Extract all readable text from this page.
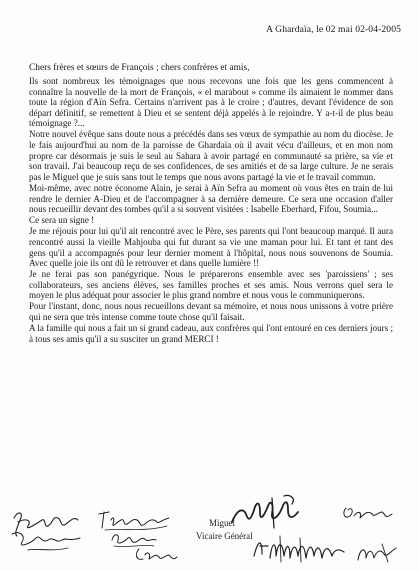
A Ghardaïa, le 02 mai 02-04-2005
Chers frères et sœurs de François ; chers confrères et amis,

Ils sont nombreux les témoignages que nous recevons une fois que les gens commencent à connaître la nouvelle de la mort de François, « el marabout » comme ils aimaient le nommer dans toute la région d'Aïn Sefra. Certains n'arrivent pas à le croire ; d'autres, devant l'évidence de son départ définitif, se remettent à Dieu et se sentent déjà appelés à le rejoindre. Y a-t-il de plus beau témoignage ?...

Notre nouvel évêque sans doute nous a précédés dans ses vœux de sympathie au nom du diocèse. Je le fais aujourd'hui au nom de la paroisse de Ghardaïa où il avait vécu d'ailleurs, et en mon nom propre car désormais je suis le seul au Sahara à avoir partagé en communauté sa prière, sa vie et son travail. J'ai beaucoup reçu de ses confidences, de ses amitiés et de sa large culture. Je ne serais pas le Miguel que je suis sans tout le temps que nous avons partagé la vie et le travail commun.

Moi-même, avec notre économe Alain, je serai à Aïn Sefra au moment où vous êtes en train de lui rendre le dernier A-Dieu et de l'accompagner à sa dernière demeure. Ce sera une occasion d'aller nous recueillir devant des tombes qu'il a si souvent visitées : Isabelle Eberhard, Fifou, Soumia...

Ce sera un signe !

Je me réjouis pour lui qu'il ait rencontré avec le Père, ses parents qui l'ont beaucoup marqué. Il aura rencontré aussi la vieille Mahjouba qui fut durant sa vie une maman pour lui. Et tant et tant des gens qu'il a accompagnés pour leur dernier moment à l'hôpital, nous nous souvenons de Soumia. Avec quelle joie ils ont dû le retrouver et dans quelle lumière !!

Je ne ferai pas son panégyrique. Nous le préparerons ensemble avec ses 'paroissiens' ; ses collaborateurs, ses anciens élèves, ses familles proches et ses amis. Nous verrons quel sera le moyen le plus adéquat pour associer le plus grand nombre et nous vous le communiquerons.

Pour l'instant, donc, nous nous recueillons devant sa mémoire, et nous nous unissons à votre prière qui ne sera que très intense comme toute chose qu'il faisait.

A la famille qui nous a fait un si grand cadeau, aux confrères qui l'ont entouré en ces derniers jours ; à tous ses amis qu'il a su susciter un grand MERCI !

Miguel
Vicaire Général
